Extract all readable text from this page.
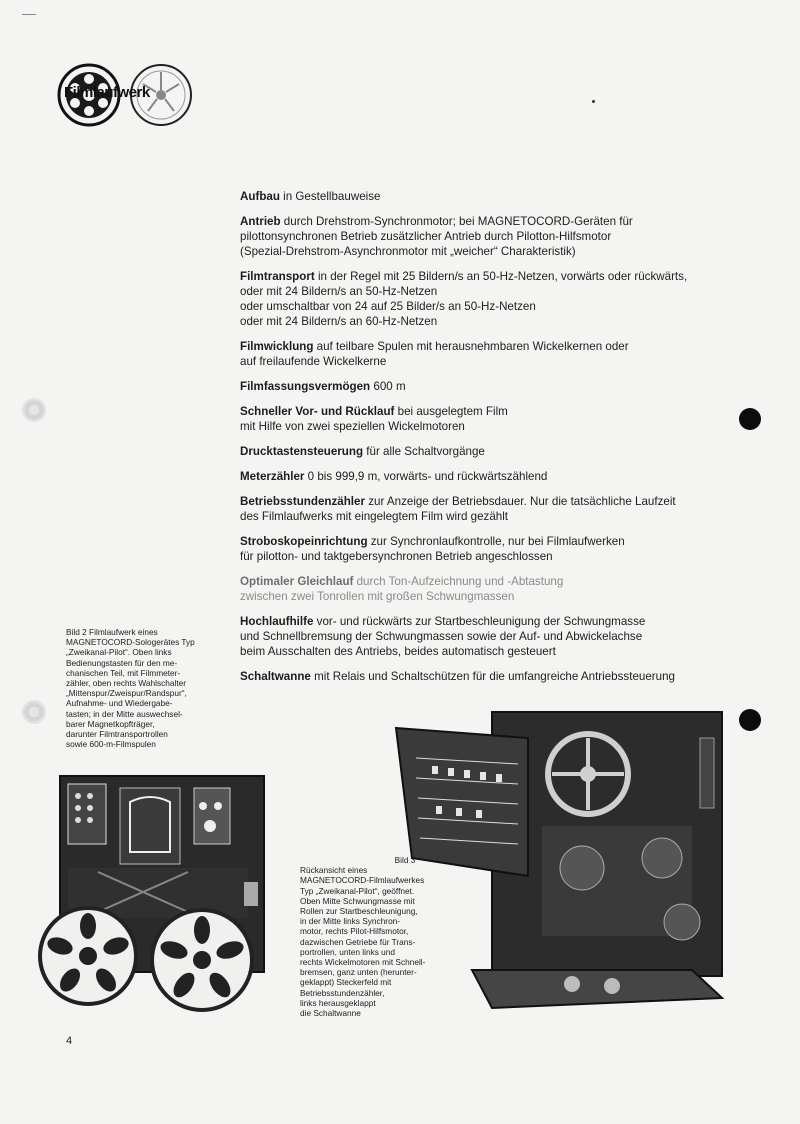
Filmlaufwerk

Aufbau in Gestellbauweise

Antrieb durch Drehstrom-Synchronmotor; bei MAGNETOCORD-Geräten für
pilottonsynchronen Betrieb zusätzlicher Antrieb durch Pilotton-Hilfsmotor
(Spezial-Drehstrom-Asynchronmotor mit „weicher“ Charakteristik)

Filmtransport in der Regel mit 25 Bildern/s an 50-Hz-Netzen, vorwärts oder rückwärts,
oder mit 24 Bildern/s an 50-Hz-Netzen
oder umschaltbar von 24 auf 25 Bilder/s an 50-Hz-Netzen
oder mit 24 Bildern/s an 60-Hz-Netzen

Filmwicklung auf teilbare Spulen mit herausnehmbaren Wickelkernen oder
auf freilaufende Wickelkerne

Filmfassungsvermögen 600 m

Schneller Vor- und Rücklauf bei ausgelegtem Film
mit Hilfe von zwei speziellen Wickelmotoren

Drucktastensteuerung für alle Schaltvorgänge

Meterzähler 0 bis 999,9 m, vorwärts- und rückwärtszählend

Betriebsstundenzähler zur Anzeige der Betriebsdauer. Nur die tatsächliche Laufzeit
des Filmlaufwerks mit eingelegtem Film wird gezählt

Stroboskopeinrichtung zur Synchronlaufkontrolle, nur bei Filmlaufwerken
für pilotton- und taktgebersynchronen Betrieb angeschlossen

Optimaler Gleichlauf durch Ton-Aufzeichnung und -Abtastung
zwischen zwei Tonrollen mit großen Schwungmassen

Hochlaufhilfe vor- und rückwärts zur Startbeschleunigung der Schwungmasse
und Schnellbremsung der Schwungmassen sowie der Auf- und Abwickelachse
beim Ausschalten des Antriebs, beides automatisch gesteuert

Schaltwanne mit Relais und Schaltschützen für die umfangreiche Antriebssteuerung

Bild 2 Filmlaufwerk eines
MAGNETOCORD-Sologerätes Typ
„Zweikanal-Pilot“. Oben links
Bedienungstasten für den me-
chanischen Teil, mit Filmmeter-
zähler, oben rechts Wahlschalter
„Mittenspur/Zweispur/Randspur“,
Aufnahme- und Wiedergabe-
tasten; in der Mitte auswechsel-
barer Magnetkopfträger,
darunter Filmtransportrollen
sowie 600-m-Filmspulen
Bild 3
Rückansicht eines
MAGNETOCORD-Filmlaufwerkes
Typ „Zweikanal-Pilot“, geöffnet.
Oben Mitte Schwungmasse mit
Rollen zur Startbeschleunigung,
in der Mitte links Synchron-
motor, rechts Pilot-Hilfsmotor,
dazwischen Getriebe für Trans-
portrollen, unten links und
rechts Wickelmotoren mit Schnell-
bremsen, ganz unten (herunter-
geklappt) Steckerfeld mit
Betriebsstundenzähler,
links herausgeklappt
die Schaltwanne
4
